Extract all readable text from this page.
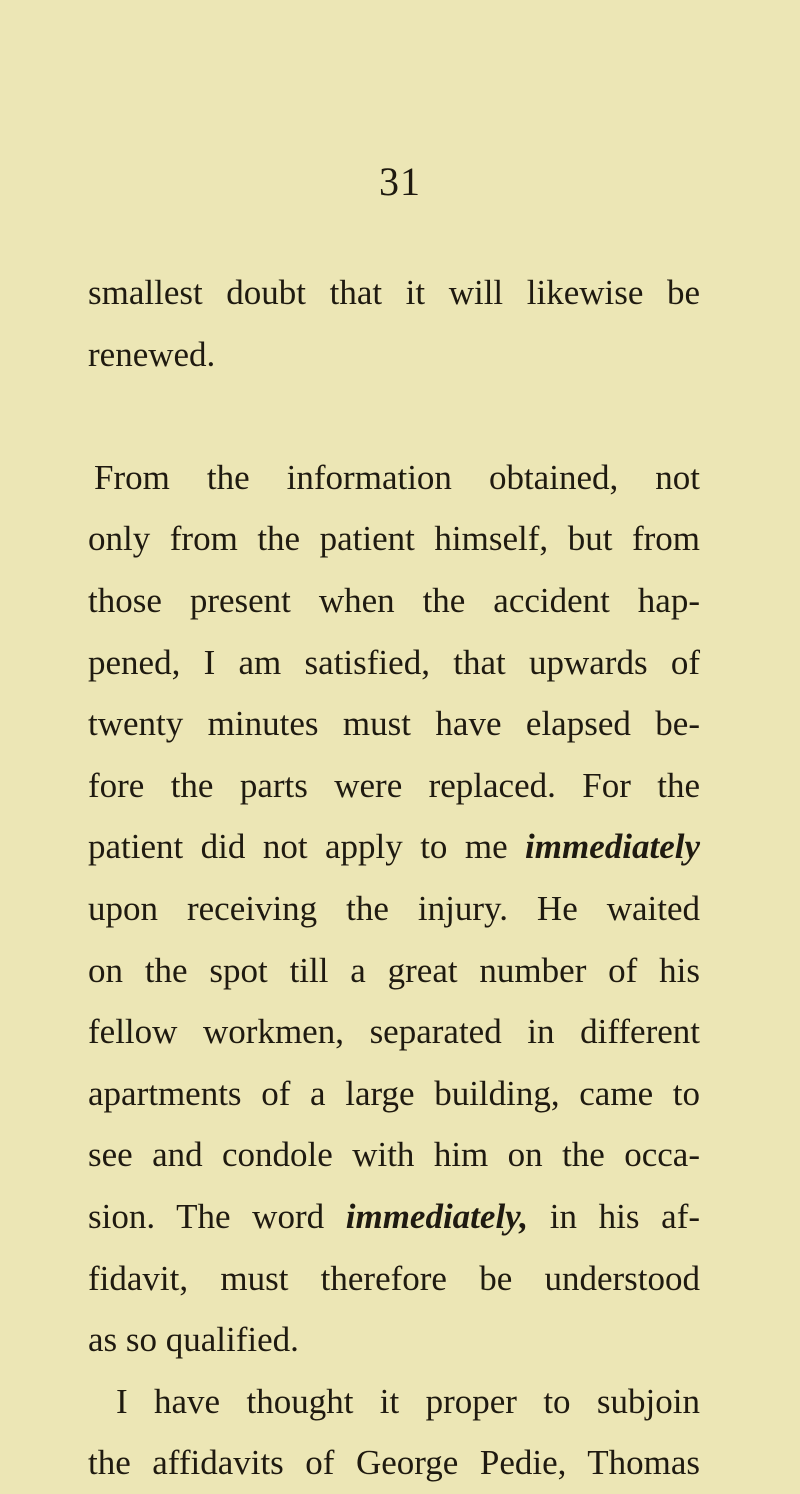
31
smallest doubt that it will likewise be
renewed.
From the information obtained, not
only from the patient himself, but from
those present when the accident hap-
pened, I am satisfied, that upwards of
twenty minutes must have elapsed be-
fore the parts were replaced. For the
patient did not apply to me immediately
upon receiving the injury. He waited
on the spot till a great number of his
fellow workmen, separated in different
apartments of a large building, came to
see and condole with him on the occa-
sion. The word immediately, in his af-
fidavit, must therefore be understood
as so qualified.
I have thought it proper to subjoin
the affidavits of George Pedie, Thomas
